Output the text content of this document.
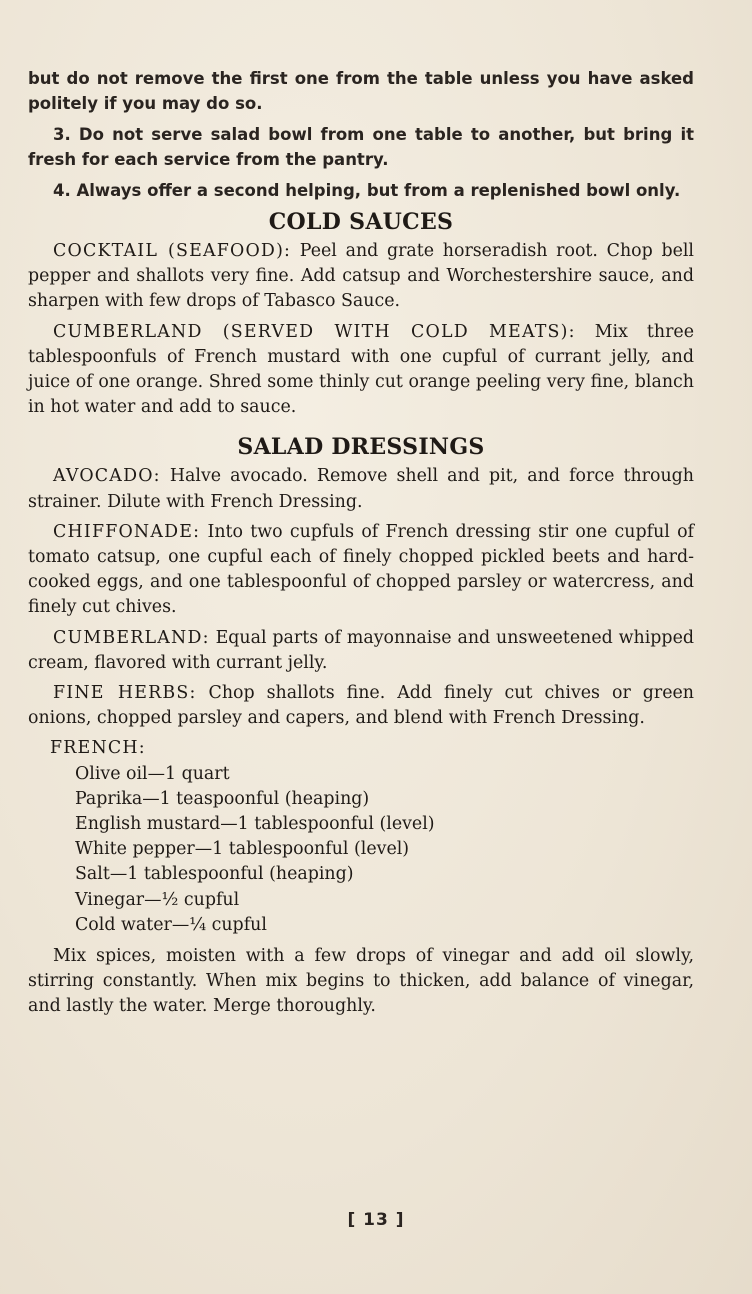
but do not remove the first one from the table unless you have asked politely if you may do so.

3. Do not serve salad bowl from one table to another, but bring it fresh for each service from the pantry.

4. Always offer a second helping, but from a replenished bowl only.

COLD SAUCES

COCKTAIL (SEAFOOD): Peel and grate horseradish root. Chop bell pepper and shallots very fine. Add catsup and Worchestershire sauce, and sharpen with few drops of Tabasco Sauce.

CUMBERLAND (SERVED WITH COLD MEATS): Mix three tablespoonfuls of French mustard with one cupful of currant jelly, and juice of one orange. Shred some thinly cut orange peeling very fine, blanch in hot water and add to sauce.

SALAD DRESSINGS

AVOCADO: Halve avocado. Remove shell and pit, and force through strainer. Dilute with French Dressing.

CHIFFONADE: Into two cupfuls of French dressing stir one cupful of tomato catsup, one cupful each of finely chopped pickled beets and hard-cooked eggs, and one tablespoonful of chopped parsley or watercress, and finely cut chives.

CUMBERLAND: Equal parts of mayonnaise and unsweetened whipped cream, flavored with currant jelly.

FINE HERBS: Chop shallots fine. Add finely cut chives or green onions, chopped parsley and capers, and blend with French Dressing.

FRENCH:
Olive oil—1 quart
Paprika—1 teaspoonful (heaping)
English mustard—1 tablespoonful (level)
White pepper—1 tablespoonful (level)
Salt—1 tablespoonful (heaping)
Vinegar—½ cupful
Cold water—¼ cupful

Mix spices, moisten with a few drops of vinegar and add oil slowly, stirring constantly. When mix begins to thicken, add balance of vinegar, and lastly the water. Merge thoroughly.

[ 13 ]
